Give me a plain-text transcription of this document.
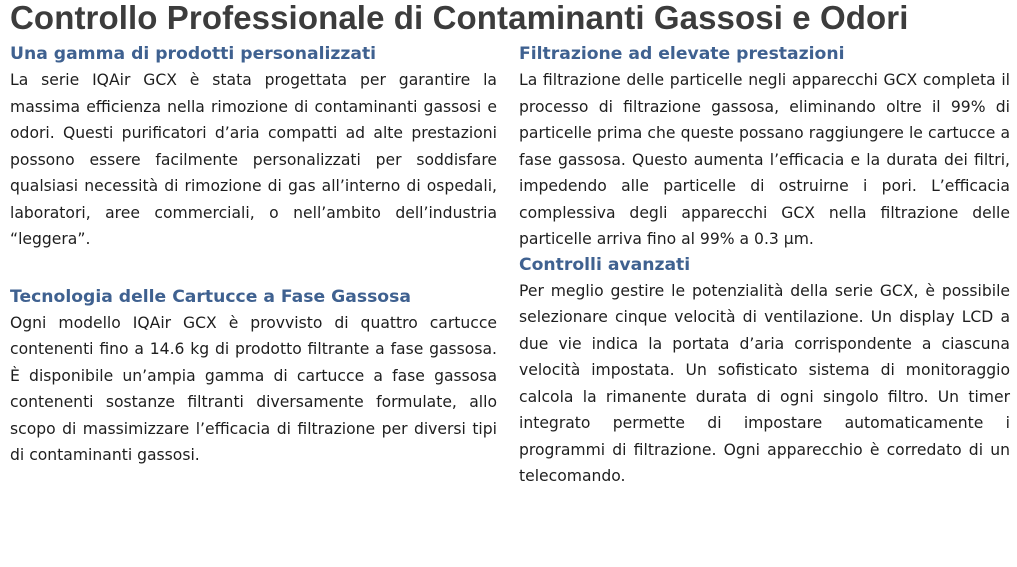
Controllo Professionale di Contaminanti Gassosi e Odori
Una gamma di prodotti personalizzati

La serie IQAir GCX è stata progettata per garantire la massima efficienza nella rimozione di contaminanti gassosi e odori. Questi purificatori d’aria compatti ad alte prestazioni possono essere facilmente personalizzati per soddisfare qualsiasi necessità di rimozione di gas all’interno di ospedali, laboratori, aree commerciali, o nell’ambito dell’industria “leggera”.

Tecnologia delle Cartucce a Fase Gassosa

Ogni modello IQAir GCX è provvisto di quattro cartucce contenenti fino a 14.6 kg di prodotto filtrante a fase gassosa. È disponibile un’ampia gamma di cartucce a fase gassosa contenenti sostanze filtranti diversamente formulate, allo scopo di massimizzare l’efficacia di filtrazione per diversi tipi di contaminanti gassosi.

Filtrazione ad elevate prestazioni

La filtrazione delle particelle negli apparecchi GCX completa il processo di filtrazione gassosa, eliminando oltre il 99% di particelle prima che queste possano raggiungere le cartucce a fase gassosa. Questo aumenta l’efficacia e la durata dei filtri, impedendo alle particelle di ostruirne i pori. L’efficacia complessiva degli apparecchi GCX nella filtrazione delle particelle arriva fino al 99% a 0.3 µm.

Controlli avanzati

Per meglio gestire le potenzialità della serie GCX, è possibile selezionare cinque velocità di ventilazione. Un display LCD a due vie indica la portata d’aria corrispondente a ciascuna velocità impostata. Un sofisticato sistema di monitoraggio calcola la rimanente durata di ogni singolo filtro. Un timer integrato permette di impostare automaticamente i programmi di filtrazione. Ogni apparecchio è corredato di un telecomando.
